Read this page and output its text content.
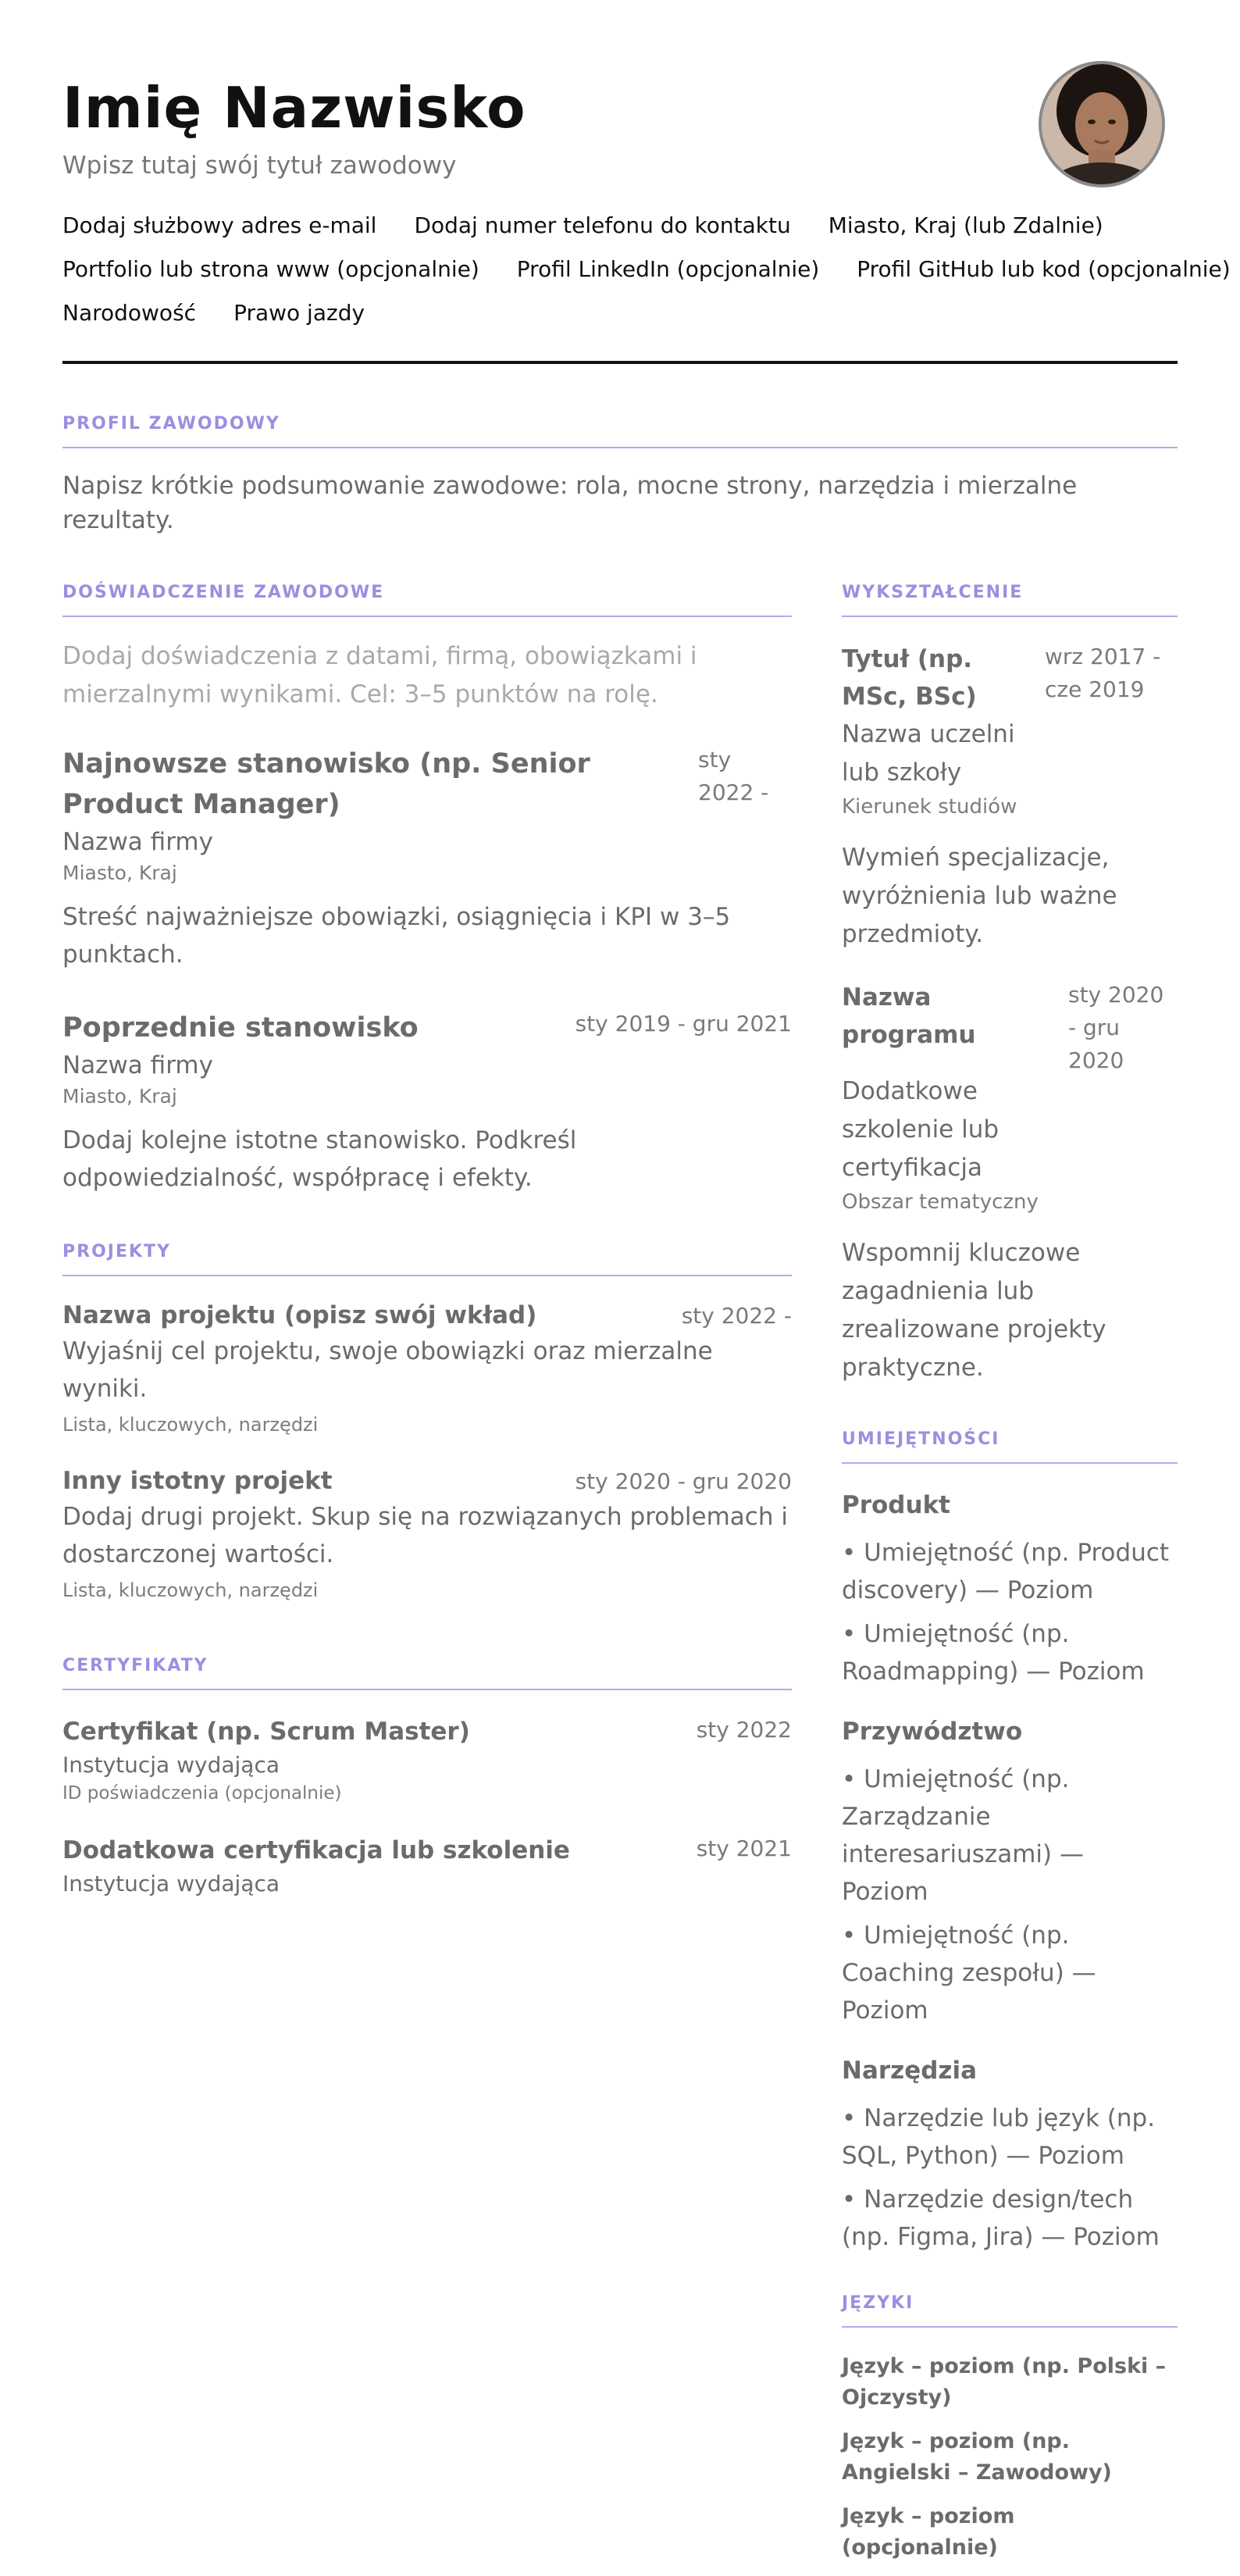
Imię Nazwisko
Wpisz tutaj swój tytuł zawodowy
Dodaj służbowy adres e-mail Dodaj numer telefonu do kontaktu Miasto, Kraj (lub Zdalnie)
Portfolio lub strona www (opcjonalnie) Profil LinkedIn (opcjonalnie) Profil GitHub lub kod (opcjonalnie)
Narodowość Prawo jazdy
PROFIL ZAWODOWY
Napisz krótkie podsumowanie zawodowe: rola, mocne strony, narzędzia i mierzalne rezultaty.
DOŚWIADCZENIE ZAWODOWE
Dodaj doświadczenia z datami, firmą, obowiązkami i mierzalnymi wynikami. Cel: 3–5 punktów na rolę.
Najnowsze stanowisko (np. Senior Product Manager)
sty 2022 -
Nazwa firmy
Miasto, Kraj
Streść najważniejsze obowiązki, osiągnięcia i KPI w 3–5 punktach.
Poprzednie stanowisko	sty 2019 - gru 2021
Nazwa firmy
Miasto, Kraj
Dodaj kolejne istotne stanowisko. Podkreśl odpowiedzialność, współpracę i efekty.
PROJEKTY
Nazwa projektu (opisz swój wkład)	sty 2022 -
Wyjaśnij cel projektu, swoje obowiązki oraz mierzalne wyniki.
Lista, kluczowych, narzędzi
Inny istotny projekt	sty 2020 - gru 2020
Dodaj drugi projekt. Skup się na rozwiązanych problemach i dostarczonej wartości.
Lista, kluczowych, narzędzi
CERTYFIKATY
Certyfikat (np. Scrum Master)	sty 2022
Instytucja wydająca
ID poświadczenia (opcjonalnie)
Dodatkowa certyfikacja lub szkolenie	sty 2021
Instytucja wydająca
WYKSZTAŁCENIE
Tytuł (np. MSc, BSc)
wrz 2017 - cze 2019
Nazwa uczelni lub szkoły
Kierunek studiów
Wymień specjalizacje, wyróżnienia lub ważne przedmioty.
Nazwa programu
sty 2020 - gru 2020
Dodatkowe szkolenie lub certyfikacja
Obszar tematyczny
Wspomnij kluczowe zagadnienia lub zrealizowane projekty praktyczne.
UMIEJĘTNOŚCI
Produkt
• Umiejętność (np. Product discovery) — Poziom
• Umiejętność (np. Roadmapping) — Poziom
Przywództwo
• Umiejętność (np. Zarządzanie interesariuszami) — Poziom
• Umiejętność (np. Coaching zespołu) — Poziom
Narzędzia
• Narzędzie lub język (np. SQL, Python) — Poziom
• Narzędzie design/tech (np. Figma, Jira) — Poziom
JĘZYKI
Język – poziom (np. Polski – Ojczysty)
Język – poziom (np. Angielski – Zawodowy)
Język – poziom (opcjonalnie)
